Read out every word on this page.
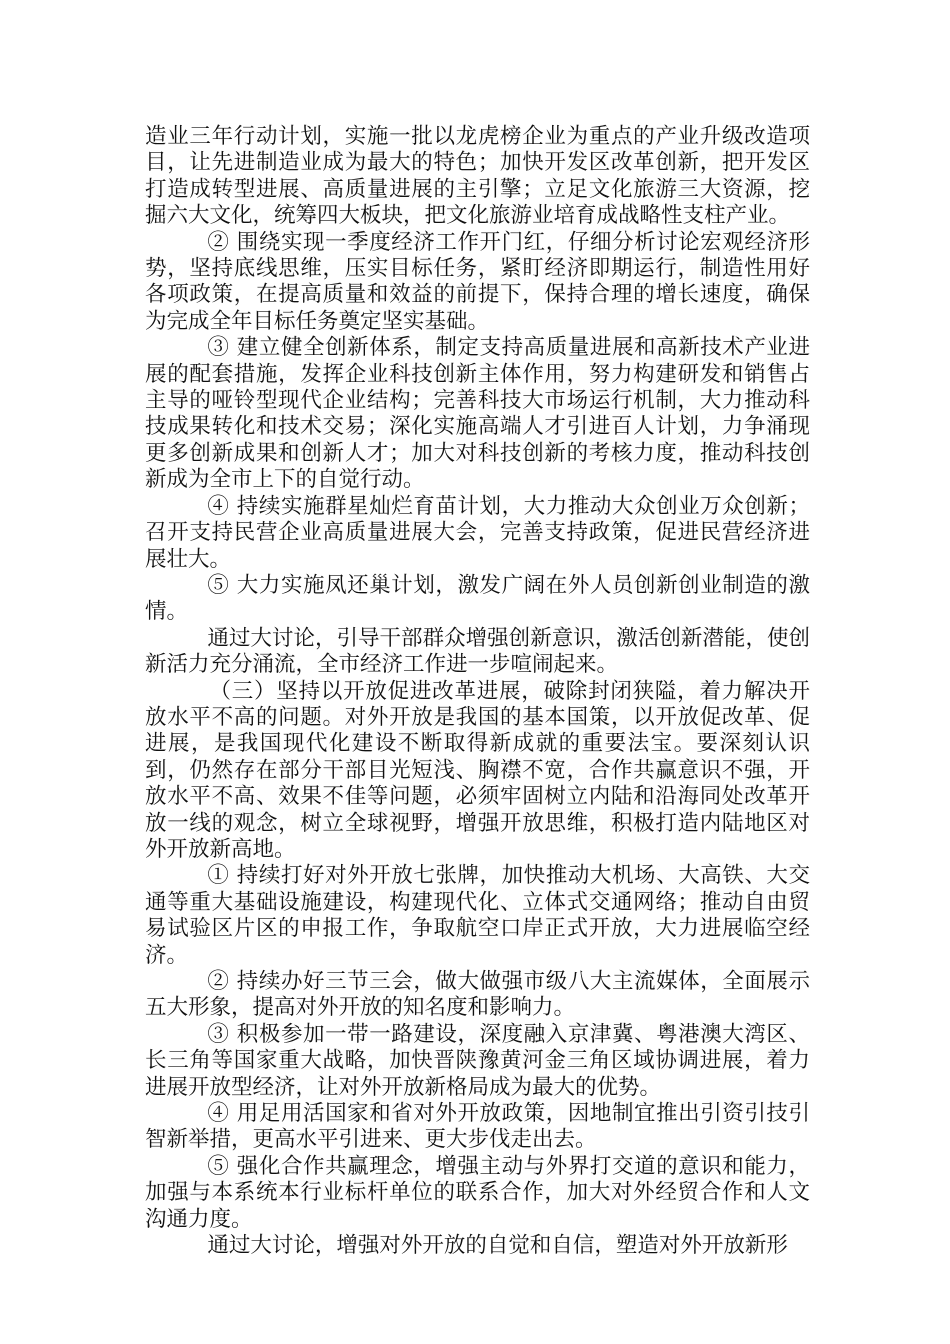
造业三年行动计划，实施一批以龙虎榜企业为重点的产业升级改造项目，让先进制造业成为最大的特色；加快开发区改革创新，把开发区打造成转型进展、高质量进展的主引擎；立足文化旅游三大资源，挖掘六大文化，统筹四大板块，把文化旅游业培育成战略性支柱产业。

② 围绕实现一季度经济工作开门红，仔细分析讨论宏观经济形势，坚持底线思维，压实目标任务，紧盯经济即期运行，制造性用好各项政策，在提高质量和效益的前提下，保持合理的增长速度，确保为完成全年目标任务奠定坚实基础。

③ 建立健全创新体系，制定支持高质量进展和高新技术产业进展的配套措施，发挥企业科技创新主体作用，努力构建研发和销售占主导的哑铃型现代企业结构；完善科技大市场运行机制，大力推动科技成果转化和技术交易；深化实施高端人才引进百人计划，力争涌现更多创新成果和创新人才；加大对科技创新的考核力度，推动科技创新成为全市上下的自觉行动。

④ 持续实施群星灿烂育苗计划，大力推动大众创业万众创新；召开支持民营企业高质量进展大会，完善支持政策，促进民营经济进展壮大。

⑤ 大力实施凤还巢计划，激发广阔在外人员创新创业制造的激情。

通过大讨论，引导干部群众增强创新意识，激活创新潜能，使创新活力充分涌流，全市经济工作进一步喧闹起来。

（三）坚持以开放促进改革进展，破除封闭狭隘，着力解决开放水平不高的问题。对外开放是我国的基本国策，以开放促改革、促进展，是我国现代化建设不断取得新成就的重要法宝。要深刻认识到，仍然存在部分干部目光短浅、胸襟不宽，合作共赢意识不强，开放水平不高、效果不佳等问题，必须牢固树立内陆和沿海同处改革开放一线的观念，树立全球视野，增强开放思维，积极打造内陆地区对外开放新高地。

① 持续打好对外开放七张牌，加快推动大机场、大高铁、大交通等重大基础设施建设，构建现代化、立体式交通网络；推动自由贸易试验区片区的申报工作，争取航空口岸正式开放，大力进展临空经济。

② 持续办好三节三会，做大做强市级八大主流媒体，全面展示五大形象，提高对外开放的知名度和影响力。

③ 积极参加一带一路建设，深度融入京津冀、粤港澳大湾区、长三角等国家重大战略，加快晋陕豫黄河金三角区域协调进展，着力进展开放型经济，让对外开放新格局成为最大的优势。

④ 用足用活国家和省对外开放政策，因地制宜推出引资引技引智新举措，更高水平引进来、更大步伐走出去。

⑤ 强化合作共赢理念，增强主动与外界打交道的意识和能力，加强与本系统本行业标杆单位的联系合作，加大对外经贸合作和人文沟通力度。

通过大讨论，增强对外开放的自觉和自信，塑造对外开放新形
